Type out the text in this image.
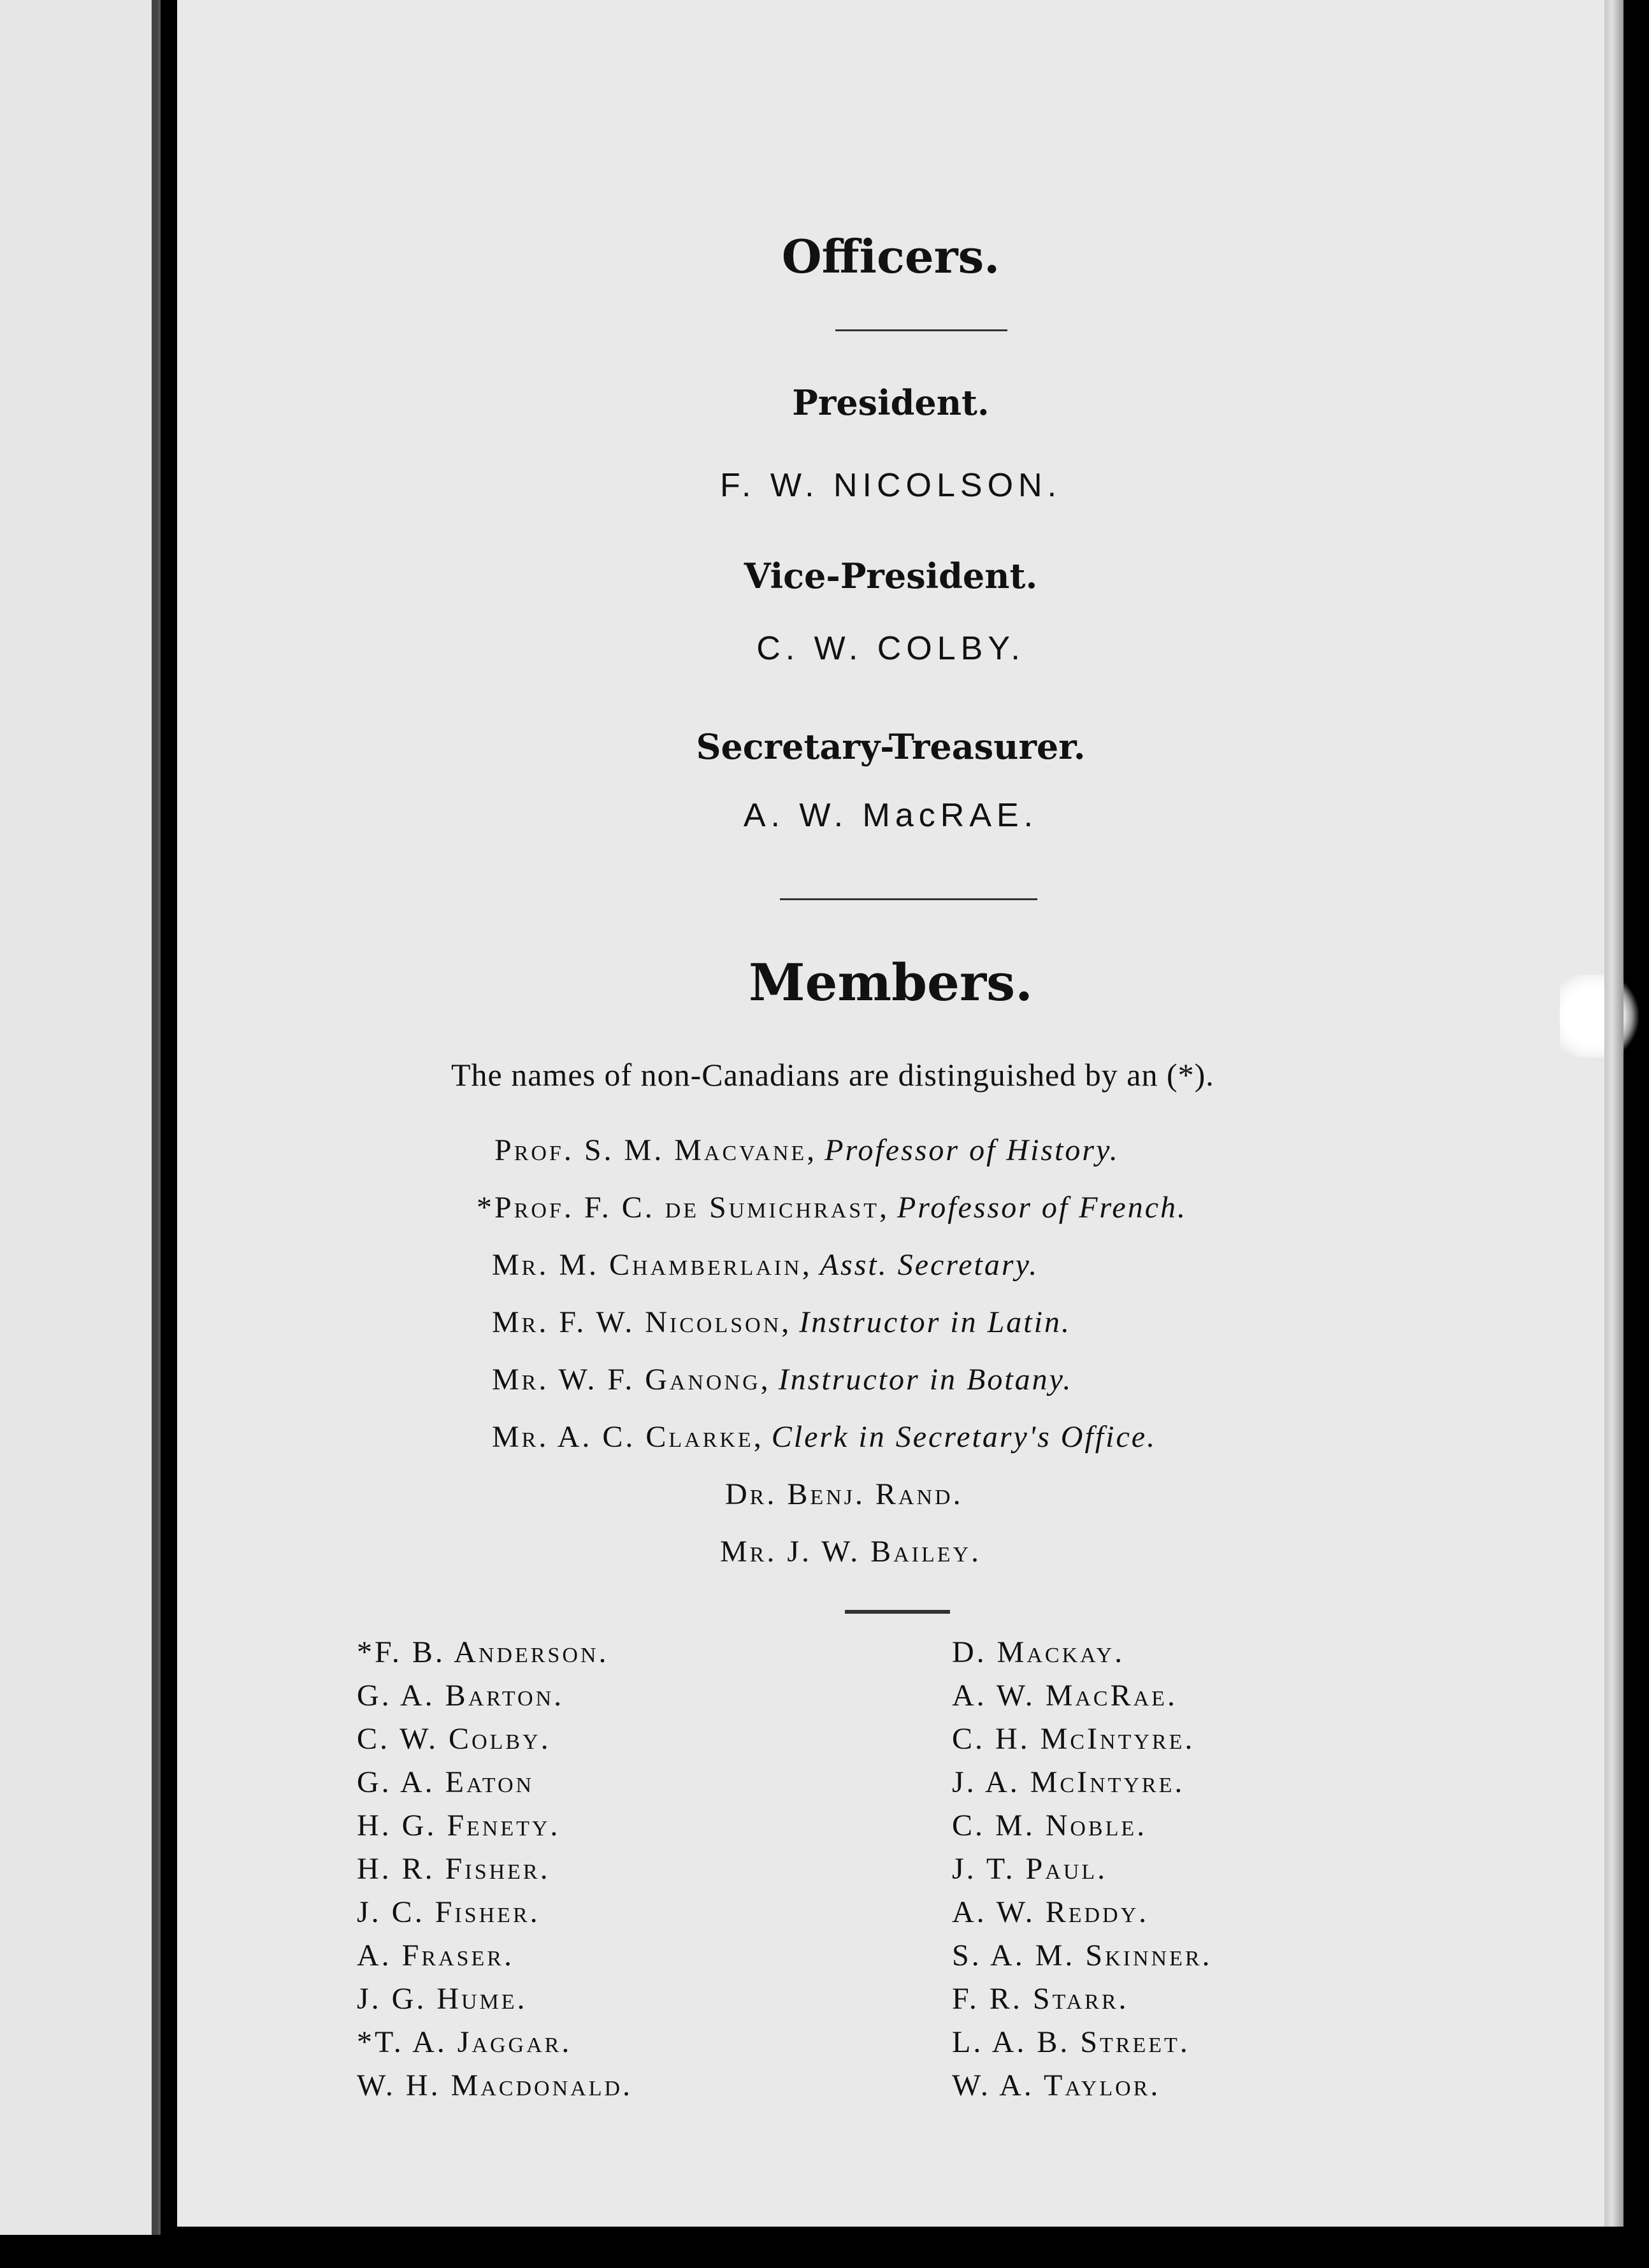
Officers.
President.

F. W. NICOLSON.

Vice-President.

C. W. COLBY.

Secretary-Treasurer.

A. W. MacRAE.

Members.

The names of non-Canadians are distinguished by an (*).

Prof. S. M. Macvane, Professor of History.

*Prof. F. C. de Sumichrast, Professor of French.

Mr. M. Chamberlain, Asst. Secretary.

Mr. F. W. Nicolson, Instructor in Latin.

Mr. W. F. Ganong, Instructor in Botany.

Mr. A. C. Clarke, Clerk in Secretary's Office.

Dr. Benj. Rand.

Mr. J. W. Bailey.

*F. B. Anderson.
G. A. Barton.
C. W. Colby.
G. A. Eaton
H. G. Fenety.
H. R. Fisher.
J. C. Fisher.
A. Fraser.
J. G. Hume.
*T. A. Jaggar.
W. H. Macdonald.
D. Mackay.
A. W. MacRae.
C. H. McIntyre.
J. A. McIntyre.
C. M. Noble.
J. T. Paul.
A. W. Reddy.
S. A. M. Skinner.
F. R. Starr.
L. A. B. Street.
W. A. Taylor.
